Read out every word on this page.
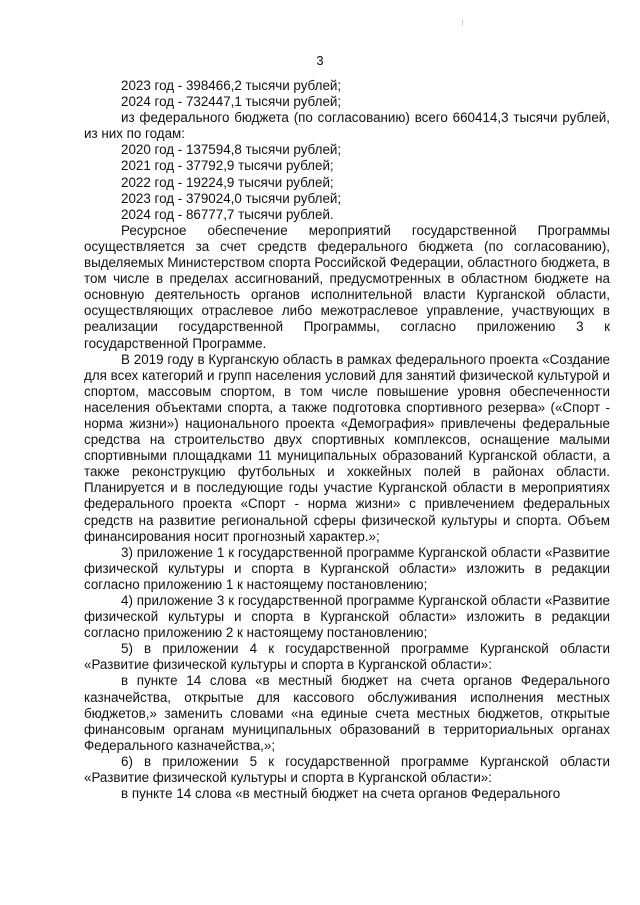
⁝
3
2023 год - 398466,2 тысячи рублей;
2024 год - 732447,1 тысячи рублей;

из федерального бюджета (по согласованию) всего 660414,3 тысячи рублей, из них по годам:

2020 год - 137594,8 тысячи рублей;
2021 год - 37792,9 тысячи рублей;
2022 год - 19224,9 тысячи рублей;
2023 год - 379024,0 тысячи рублей;
2024 год - 86777,7 тысячи рублей.

Ресурсное обеспечение мероприятий государственной Программы осуществляется за счет средств федерального бюджета (по согласованию), выделяемых Министерством спорта Российской Федерации, областного бюджета, в том числе в пределах ассигнований, предусмотренных в областном бюджете на основную деятельность органов исполнительной власти Курганской области, осуществляющих отраслевое либо межотраслевое управление, участвующих в реализации государственной Программы, согласно приложению 3 к государственной Программе.

В 2019 году в Курганскую область в рамках федерального проекта «Создание для всех категорий и групп населения условий для занятий физической культурой и спортом, массовым спортом, в том числе повышение уровня обеспеченности населения объектами спорта, а также подготовка спортивного резерва» («Спорт - норма жизни») национального проекта «Демография» привлечены федеральные средства на строительство двух спортивных комплексов, оснащение малыми спортивными площадками 11 муниципальных образований Курганской области, а также реконструкцию футбольных и хоккейных полей в районах области. Планируется и в последующие годы участие Курганской области в мероприятиях федерального проекта «Спорт - норма жизни» с привлечением федеральных средств на развитие региональной сферы физической культуры и спорта. Объем финансирования носит прогнозный характер.»;

3) приложение 1 к государственной программе Курганской области «Развитие физической культуры и спорта в Курганской области» изложить в редакции согласно приложению 1 к настоящему постановлению;

4) приложение 3 к государственной программе Курганской области «Развитие физической культуры и спорта в Курганской области» изложить в редакции согласно приложению 2 к настоящему постановлению;

5) в приложении 4 к государственной программе Курганской области «Развитие физической культуры и спорта в Курганской области»:

в пункте 14 слова «в местный бюджет на счета органов Федерального казначейства, открытые для кассового обслуживания исполнения местных бюджетов,» заменить словами «на единые счета местных бюджетов, открытые финансовым органам муниципальных образований в территориальных органах Федерального казначейства,»;

6) в приложении 5 к государственной программе Курганской области «Развитие физической культуры и спорта в Курганской области»:

в пункте 14 слова «в местный бюджет на счета органов Федерального
